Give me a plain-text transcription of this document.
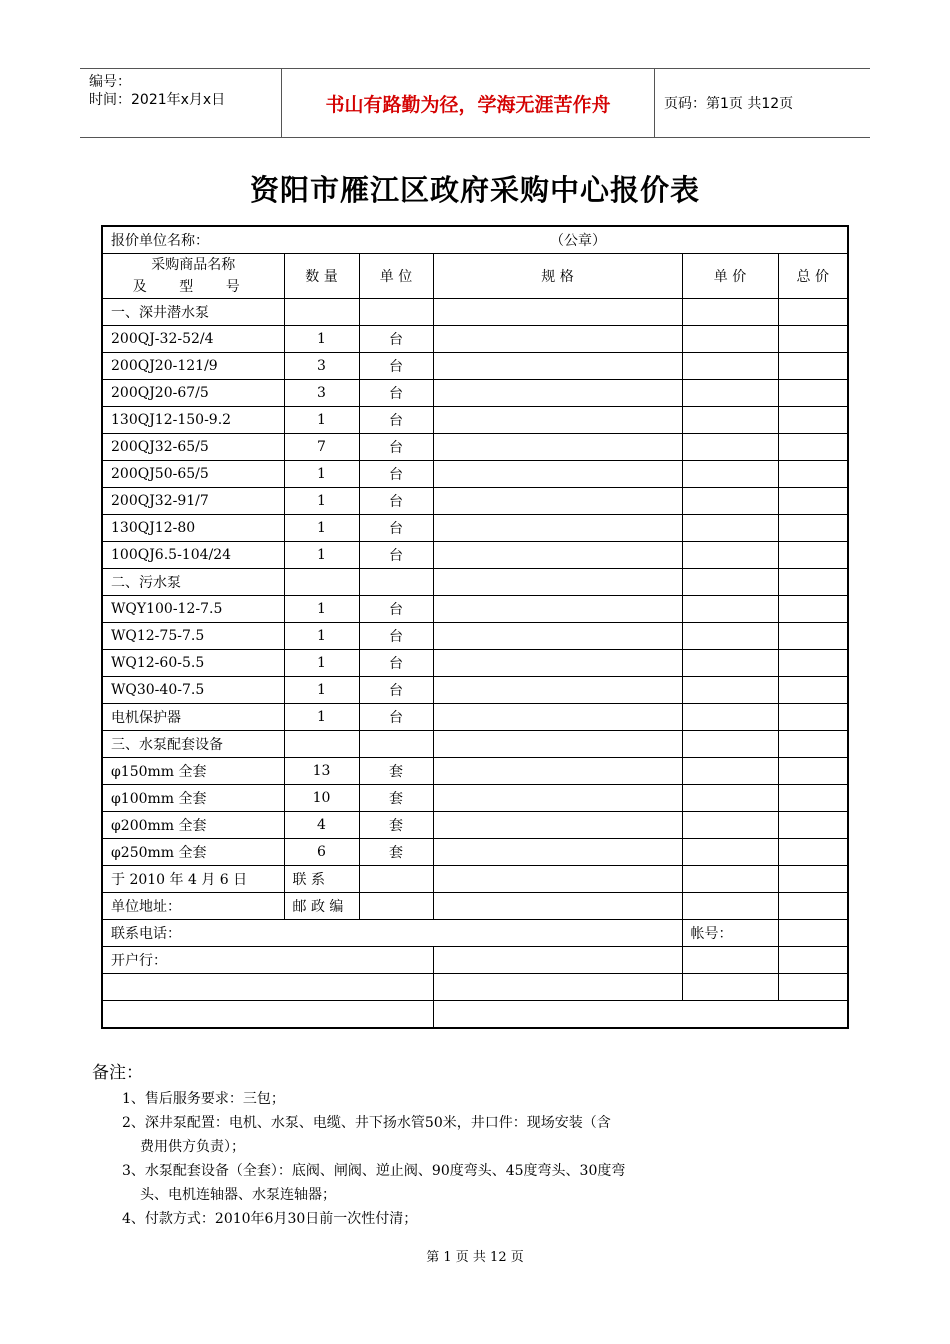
编号：
时间：2021年x月x日	书山有路勤为径，学海无涯苦作舟	页码：第1页 共12页
资阳市雁江区政府采购中心报价表
报价单位名称： （公章）					

采购商品名称
及 型 号	数 量	单 位	规 格	单 价	总 价
一、深井潜水泵					
200QJ-32-52/4	1	台			
200QJ20-121/9	3	台			
200QJ20-67/5	3	台			
130QJ12-150-9.2	1	台			
200QJ32-65/5	7	台			
200QJ50-65/5	1	台			
200QJ32-91/7	1	台			
130QJ12-80	1	台			
100QJ6.5-104/24	1	台			
二、污水泵					
WQY100-12-7.5	1	台			
WQ12-75-7.5	1	台			
WQ12-60-5.5	1	台			
WQ30-40-7.5	1	台			
电机保护器	1	台			
三、水泵配套设备					
φ150mm 全套	13	套			
φ100mm 全套	10	套			
φ200mm 全套	4	套			
φ250mm 全套	6	套			
于 2010 年 4 月 6 日	联 系				
单位地址：	邮 政 编				
联系电话：				帐号：	
开户行：					

备注：
1、售后服务要求：三包；
2、深井泵配置：电机、水泵、电缆、井下扬水管50米，井口件：现场安装（含
费用供方负责）；
3、水泵配套设备（全套）：底阀、闸阀、逆止阀、90度弯头、45度弯头、30度弯
头、电机连轴器、水泵连轴器；
4、付款方式：2010年6月30日前一次性付清；
第 1 页 共 12 页
